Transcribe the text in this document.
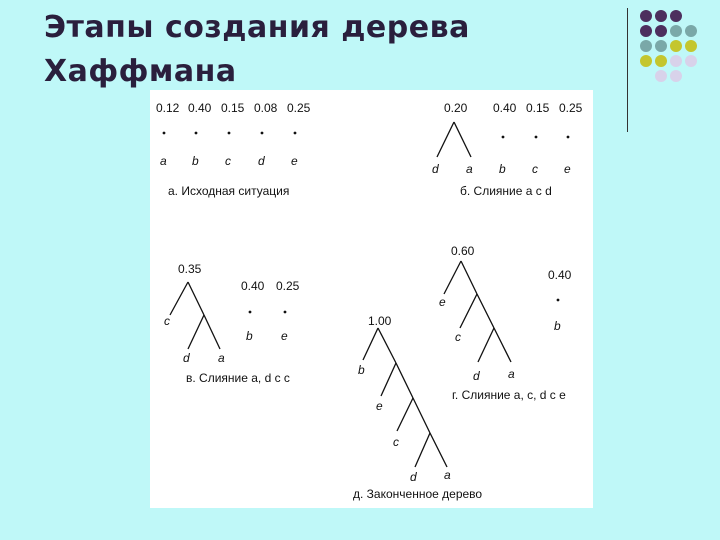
Этапы создания дерева
Хаффмана
0.12 0.40 0.15 0.08 0.25
a b c d e
а. Исходная ситуация
0.20
d a
0.40 0.15 0.25
b c e
б. Слияние a с d
0.35
c
d a
0.40 0.25
b e
в. Слияние a, d с c
0.60
e
c
d a
0.40
b
г. Слияние a, c, d с e
1.00
b
e
c
d a
д. Законченное дерево
